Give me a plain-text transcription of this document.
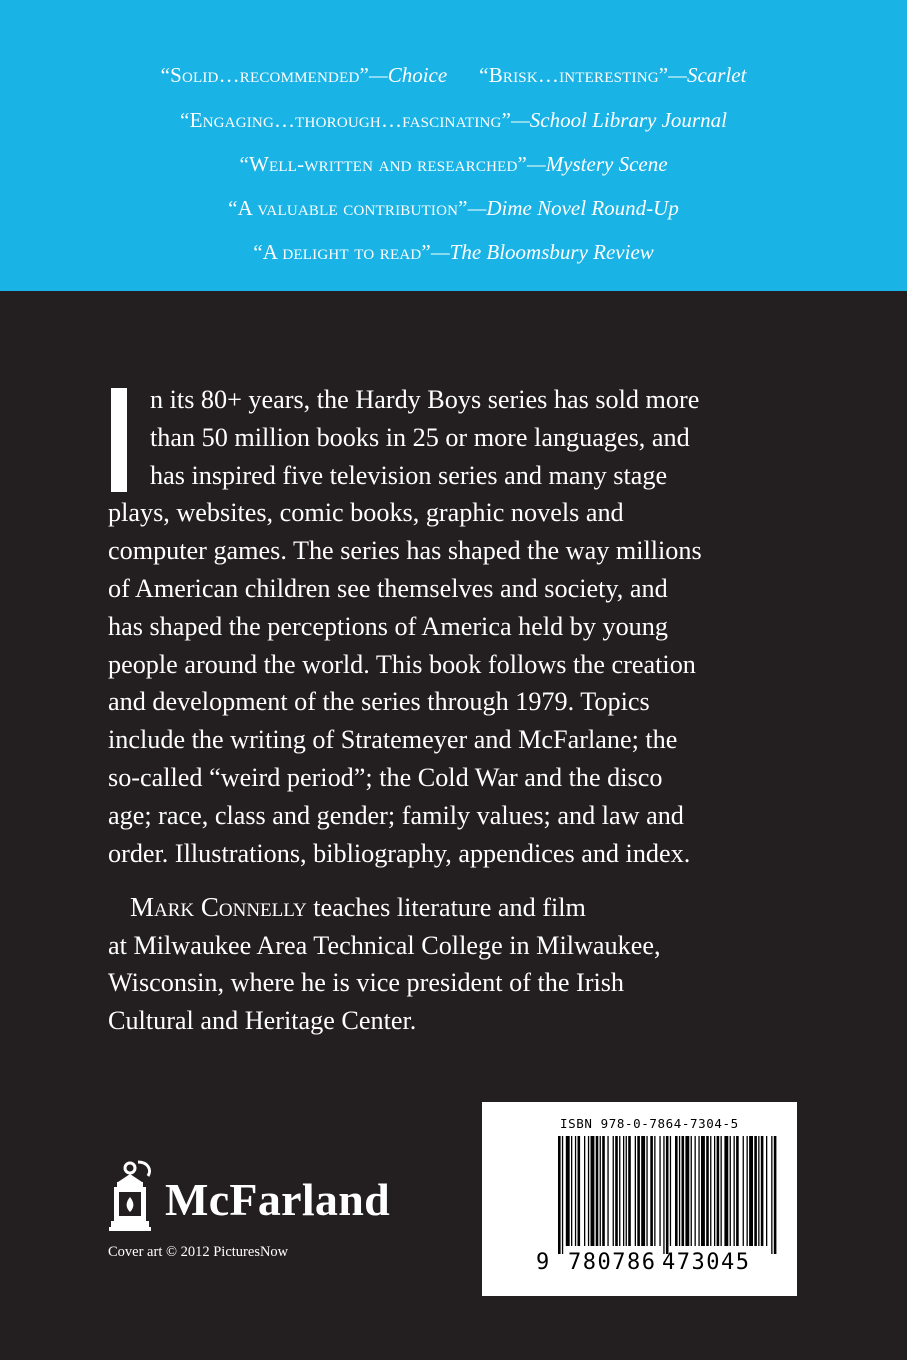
“Solid…recommended”—Choice “Brisk…interesting”—Scarlet
“Engaging…thorough…fascinating”—School Library Journal
“Well-written and researched”—Mystery Scene
“A valuable contribution”—Dime Novel Round-Up
“A delight to read”—The Bloomsbury Review
n its 80+ years, the Hardy Boys series has sold more
than 50 million books in 25 or more languages, and
has inspired five television series and many stage
plays, websites, comic books, graphic novels and
computer games. The series has shaped the way millions
of American children see themselves and society, and
has shaped the perceptions of America held by young
people around the world. This book follows the creation
and development of the series through 1979. Topics
include the writing of Stratemeyer and McFarlane; the
so-called “weird period”; the Cold War and the disco
age; race, class and gender; family values; and law and
order. Illustrations, bibliography, appendices and index.
Mark Connelly teaches literature and film
at Milwaukee Area Technical College in Milwaukee,
Wisconsin, where he is vice president of the Irish
Cultural and Heritage Center.
McFarland
Cover art © 2012 PicturesNow
ISBN 978-0-7864-7304-5
9 780786 473045
